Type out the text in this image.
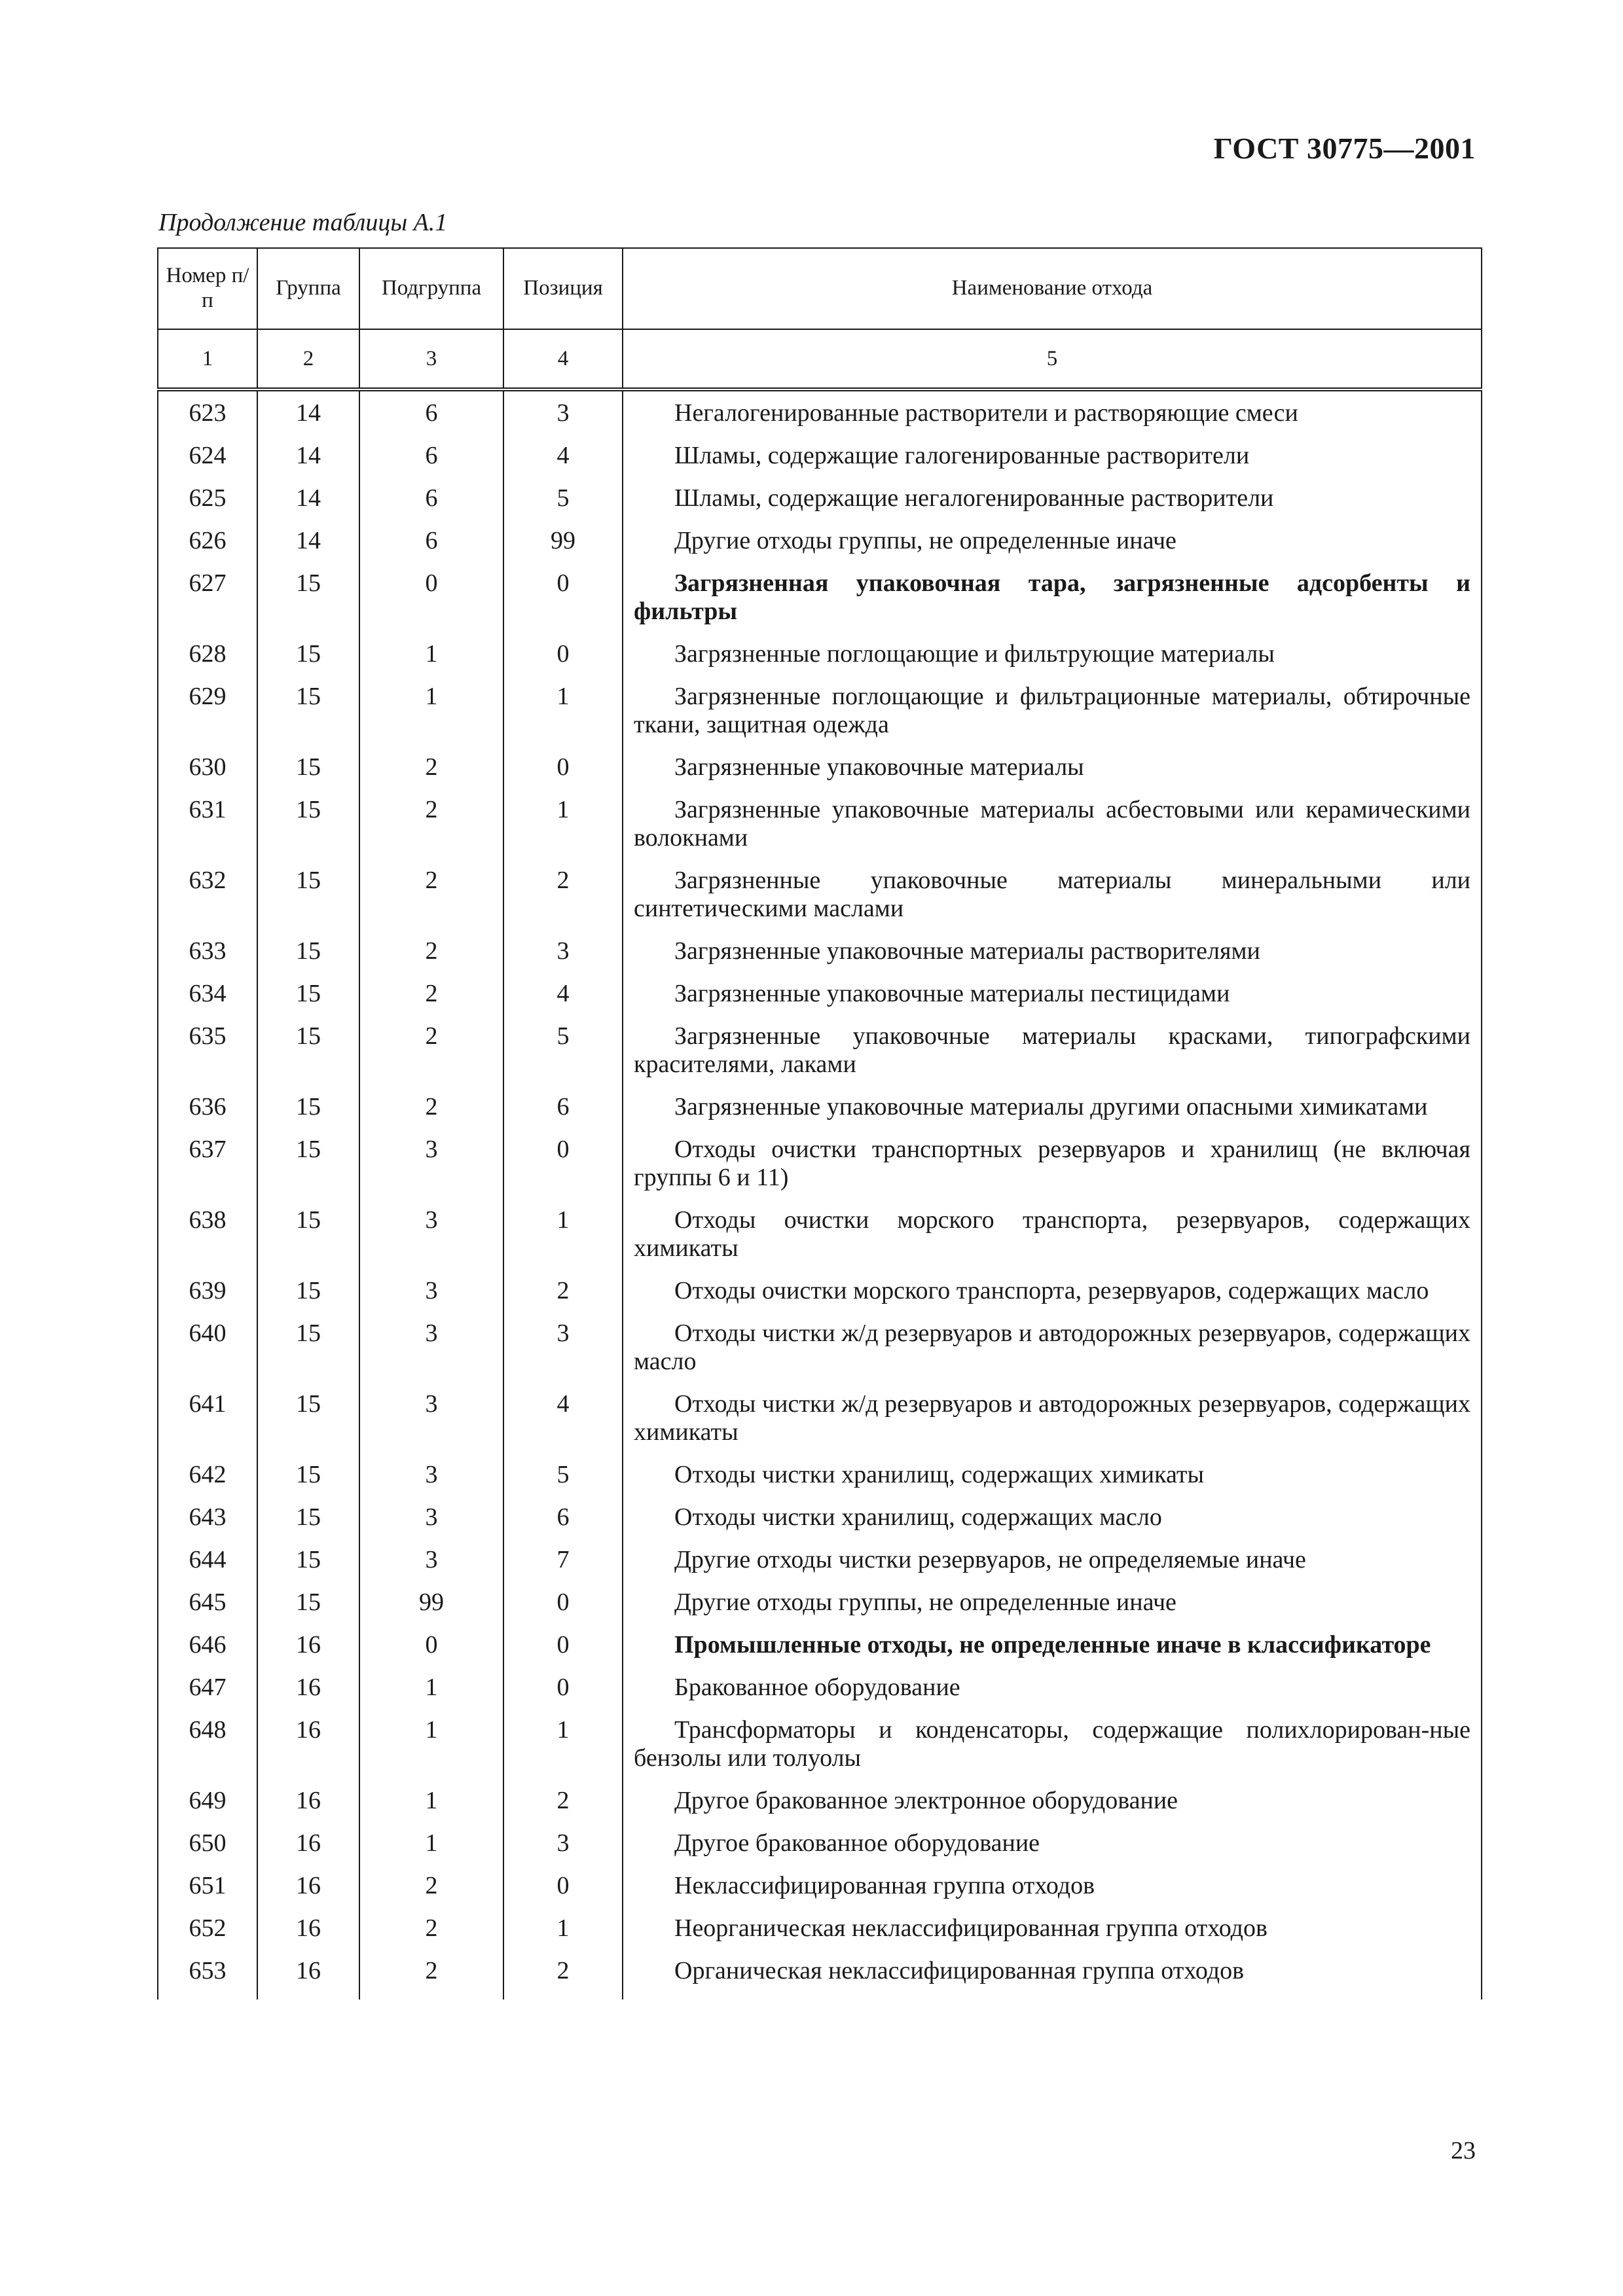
ГОСТ 30775—2001
Продолжение таблицы А.1
Номер п/п	Группа	Подгруппа	Позиция	Наименование отхода
1	2	3	4	5
623	14	6	3	Негалогенированные растворители и растворяющие смеси
624	14	6	4	Шламы, содержащие галогенированные растворители
625	14	6	5	Шламы, содержащие негалогенированные растворители
626	14	6	99	Другие отходы группы, не определенные иначе
627	15	0	0	Загрязненная упаковочная тара, загрязненные адсорбенты и фильтры
628	15	1	0	Загрязненные поглощающие и фильтрующие материалы
629	15	1	1	Загрязненные поглощающие и фильтрационные материалы, обтирочные ткани, защитная одежда
630	15	2	0	Загрязненные упаковочные материалы
631	15	2	1	Загрязненные упаковочные материалы асбестовыми или керамическими волокнами
632	15	2	2	Загрязненные упаковочные материалы минеральными или синтетическими маслами
633	15	2	3	Загрязненные упаковочные материалы растворителями
634	15	2	4	Загрязненные упаковочные материалы пестицидами
635	15	2	5	Загрязненные упаковочные материалы красками, типографскими красителями, лаками
636	15	2	6	Загрязненные упаковочные материалы другими опасными химикатами
637	15	3	0	Отходы очистки транспортных резервуаров и хранилищ (не включая группы 6 и 11)
638	15	3	1	Отходы очистки морского транспорта, резервуаров, содержащих химикаты
639	15	3	2	Отходы очистки морского транспорта, резервуаров, содержащих масло
640	15	3	3	Отходы чистки ж/д резервуаров и автодорожных резервуаров, содержащих масло
641	15	3	4	Отходы чистки ж/д резервуаров и автодорожных резервуаров, содержащих химикаты
642	15	3	5	Отходы чистки хранилищ, содержащих химикаты
643	15	3	6	Отходы чистки хранилищ, содержащих масло
644	15	3	7	Другие отходы чистки резервуаров, не определяемые иначе
645	15	99	0	Другие отходы группы, не определенные иначе
646	16	0	0	Промышленные отходы, не определенные иначе в классификаторе
647	16	1	0	Бракованное оборудование
648	16	1	1	Трансформаторы и конденсаторы, содержащие полихлорирован-ные бензолы или толуолы
649	16	1	2	Другое бракованное электронное оборудование
650	16	1	3	Другое бракованное оборудование
651	16	2	0	Неклассифицированная группа отходов
652	16	2	1	Неорганическая неклассифицированная группа отходов
653	16	2	2	Органическая неклассифицированная группа отходов
23
